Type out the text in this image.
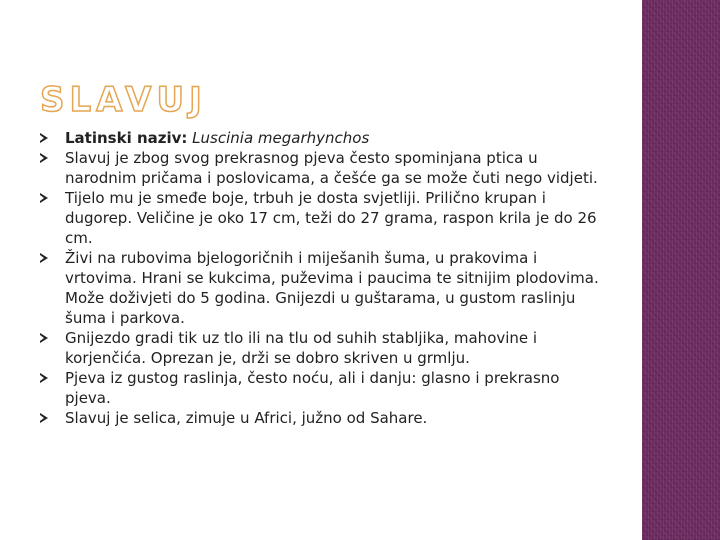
SLAVUJ
Latinski naziv: Luscinia megarhynchos
Slavuj je zbog svog prekrasnog pjeva često spominjana ptica u narodnim pričama i poslovicama, a češće ga se može čuti nego vidjeti.
Tijelo mu je smeđe boje, trbuh je dosta svjetliji. Prilično krupan i dugorep. Veličine je oko 17 cm, teži do 27 grama, raspon krila je do 26 cm.
Živi na rubovima bjelogoričnih i miješanih šuma, u prakovima i vrtovima. Hrani se kukcima, puževima i paucima te sitnijim plodovima. Može doživjeti do 5 godina. Gnijezdi u guštarama, u gustom raslinju šuma i parkova.
Gnijezdo gradi tik uz tlo ili na tlu od suhih stabljika, mahovine i korjenčića. Oprezan je, drži se dobro skriven u grmlju.
Pjeva iz gustog raslinja, često noću, ali i danju: glasno i prekrasno pjeva.
Slavuj je selica, zimuje u Africi, južno od Sahare.
